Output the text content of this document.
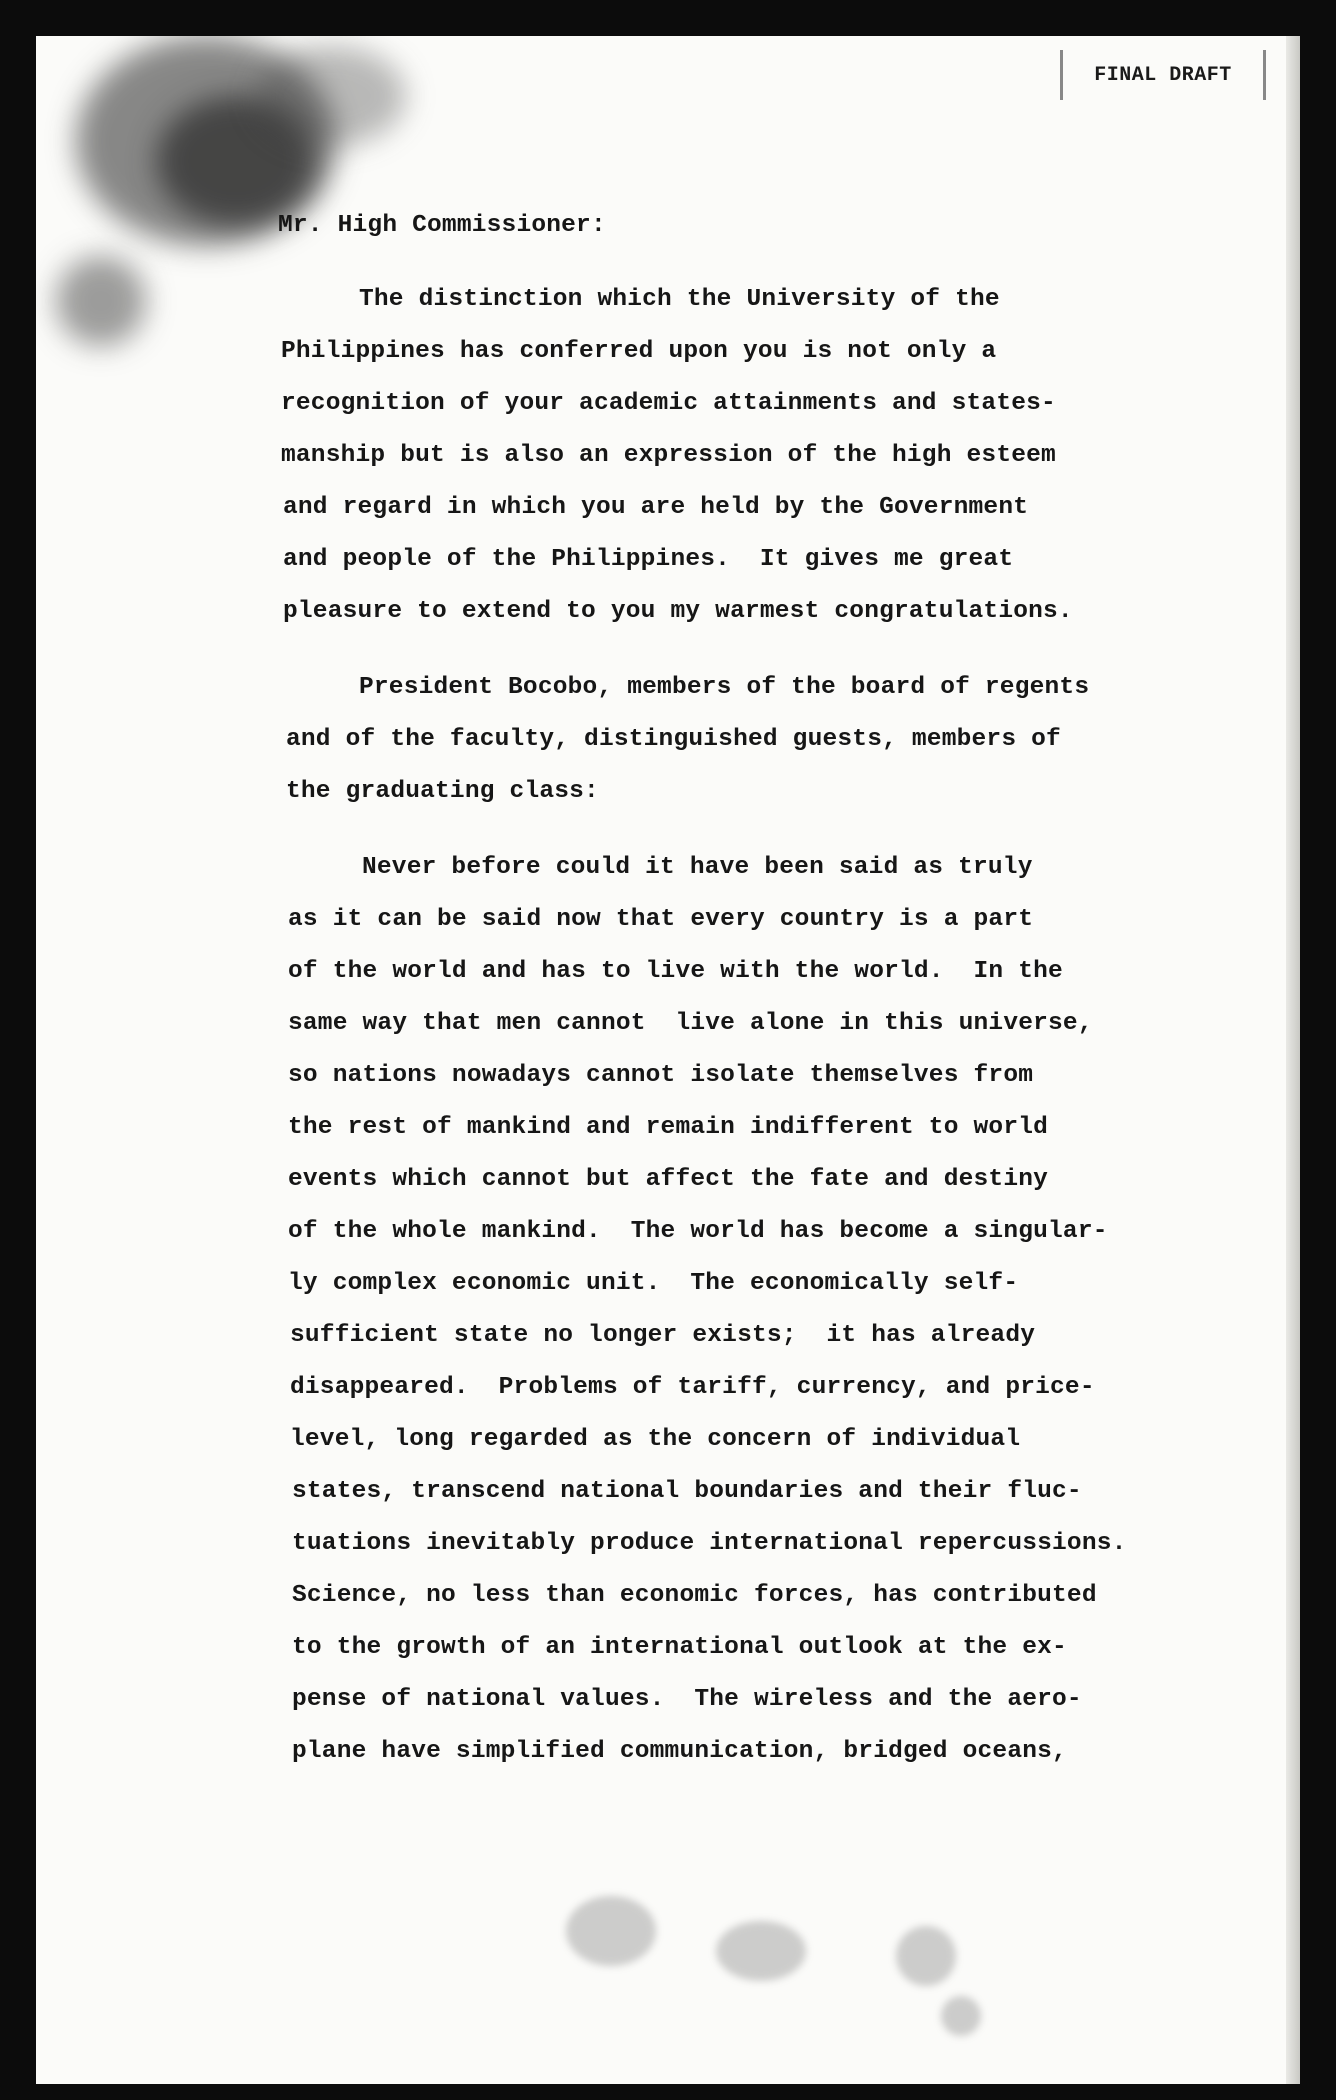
FINAL DRAFT
Mr. High Commissioner:
The distinction which the University of the
Philippines has conferred upon you is not only a
recognition of your academic attainments and states-
manship but is also an expression of the high esteem
and regard in which you are held by the Government
and people of the Philippines.  It gives me great
pleasure to extend to you my warmest congratulations.
President Bocobo, members of the board of regents
and of the faculty, distinguished guests, members of
the graduating class:
Never before could it have been said as truly
as it can be said now that every country is a part
of the world and has to live with the world.  In the
same way that men cannot  live alone in this universe,
so nations nowadays cannot isolate themselves from
the rest of mankind and remain indifferent to world
events which cannot but affect the fate and destiny
of the whole mankind.  The world has become a singular-
ly complex economic unit.  The economically self-
sufficient state no longer exists;  it has already
disappeared.  Problems of tariff, currency, and price-
level, long regarded as the concern of individual
states, transcend national boundaries and their fluc-
tuations inevitably produce international repercussions.
Science, no less than economic forces, has contributed
to the growth of an international outlook at the ex-
pense of national values.  The wireless and the aero-
plane have simplified communication, bridged oceans,
